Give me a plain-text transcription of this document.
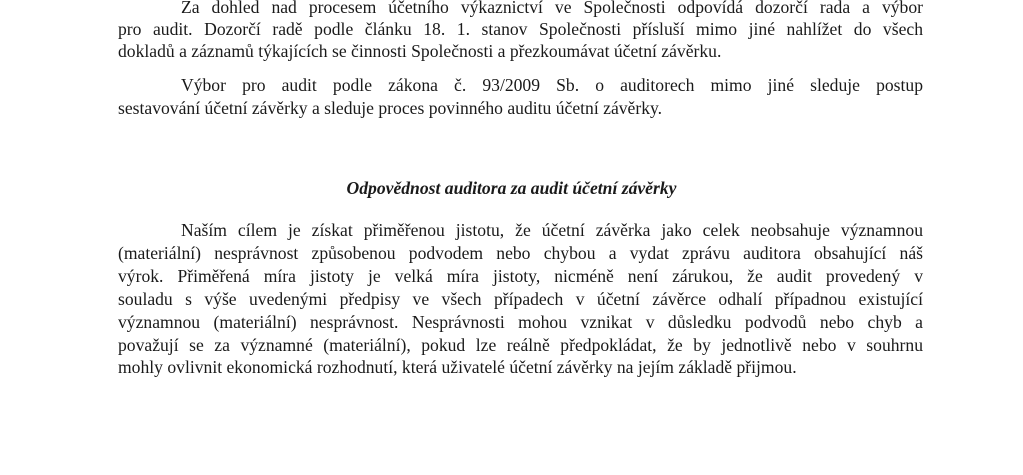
Za dohled nad procesem účetního výkaznictví ve Společnosti odpovídá dozorčí rada a výbor
pro audit. Dozorčí radě podle článku 18. 1. stanov Společnosti přísluší mimo jiné nahlížet do všech
dokladů a záznamů týkajících se činnosti Společnosti a přezkoumávat účetní závěrku.
Výbor pro audit podle zákona č. 93/2009 Sb. o auditorech mimo jiné sleduje postup
sestavování účetní závěrky a sleduje proces povinného auditu účetní závěrky.
Odpovědnost auditora za audit účetní závěrky
Naším cílem je získat přiměřenou jistotu, že účetní závěrka jako celek neobsahuje významnou
(materiální) nesprávnost způsobenou podvodem nebo chybou a vydat zprávu auditora obsahující náš
výrok. Přiměřená míra jistoty je velká míra jistoty, nicméně není zárukou, že audit provedený v
souladu s výše uvedenými předpisy ve všech případech v účetní závěrce odhalí případnou existující
významnou (materiální) nesprávnost. Nesprávnosti mohou vznikat v důsledku podvodů nebo chyb a
považují se za významné (materiální), pokud lze reálně předpokládat, že by jednotlivě nebo v souhrnu
mohly ovlivnit ekonomická rozhodnutí, která uživatelé účetní závěrky na jejím základě přijmou.
